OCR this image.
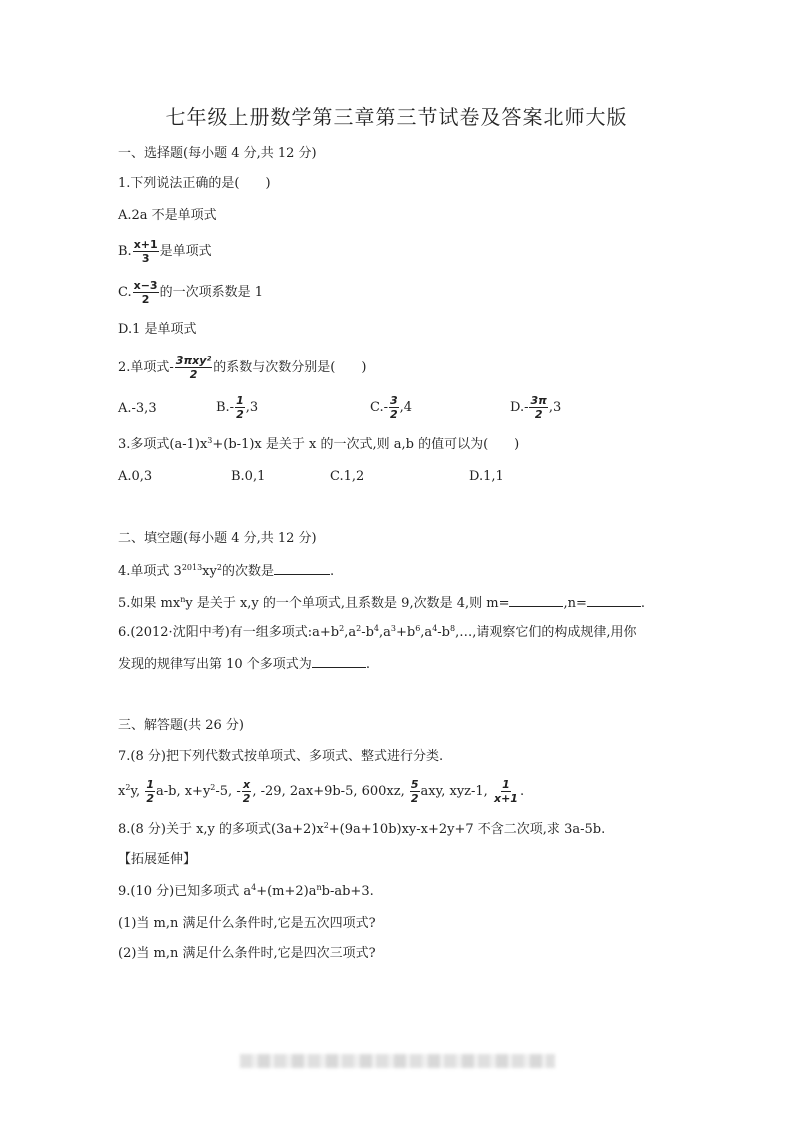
七年级上册数学第三章第三节试卷及答案北师大版
一、选择题(每小题 4 分,共 12 分)
1.下列说法正确的是(　　)
A.2a 不是单项式
B. $\frac{x+1}{3}$ 是单项式
C. $\frac{x-3}{2}$ 的一次项系数是 1
D.1 是单项式
2.单项式- $\frac{\text{3πxy²}}{2}$ 的系数与次数分别是(　　)
A.-3,3	$B.- \frac{1}{2} ,3$	$C.- \frac{3}{2} ,4$	$D.- \frac{3\pi}{2} ,3$
3.多项式$(a-1)x^3+(b-1)x$ 是关于 x 的一次式,则 a,b 的值可以为(　　)
A.0,3	B.0,1	C.1,2	D.1,1
二、填空题(每小题 4 分,共 12 分)
4.单项式 $3^{2013}xy^2$的次数是	.
5.如果 $mx^ny$ 是关于 x,y 的一个单项式,且系数是 9,次数是 4,则 m=	,n=	.
6.(2012·沈阳中考)有一组多项式$:a+b^2,a^2-b^4,a^3+b^6,a^4-b^8,\dots$,请观察它们的构成规律,用你
发现的规律写出第 10 个多项式为	.
三、解答题(共 26 分)
7.(8 分)把下列代数式按单项式、多项式、整式进行分类.
$x^2y$, $\frac{1}{2} a-b$, $x+y^2-5$, - $\frac{x}{2}$ , -29, 2ax+9b-5, 600xz, $\frac{5}{2}$ axy, xyz-1, $\frac{1}{x+1}$ .
8.(8 分)关于 x,y 的多项式$(3a+2)x^2+(9a+10b)xy-x+2y+7$ 不含二次项,求 3a-5b.
【拓展延伸】
9.(10 分)已知多项式 $a^4+(m+2)a^nb-ab+3$.
(1)当 m,n 满足什么条件时,它是五次四项式?
(2)当 m,n 满足什么条件时,它是四次三项式?
